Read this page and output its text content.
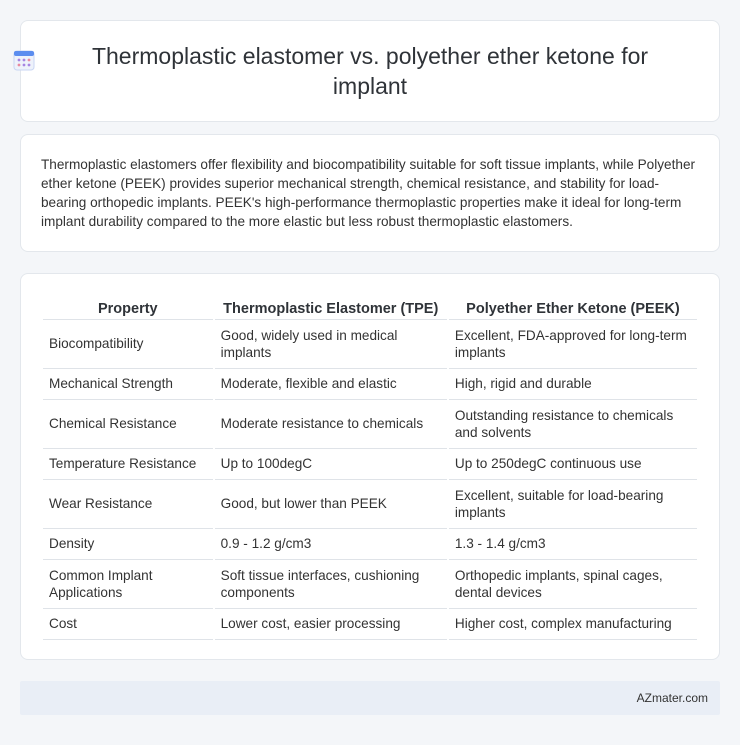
Thermoplastic elastomer vs. polyether ether ketone for implant

Thermoplastic elastomers offer flexibility and biocompatibility suitable for soft tissue implants, while Polyether ether ketone (PEEK) provides superior mechanical strength, chemical resistance, and stability for load-bearing orthopedic implants. PEEK's high-performance thermoplastic properties make it ideal for long-term implant durability compared to the more elastic but less robust thermoplastic elastomers.

Property	Thermoplastic Elastomer (TPE)	Polyether Ether Ketone (PEEK)
Biocompatibility	Good, widely used in medical implants	Excellent, FDA-approved for long-term implants
Mechanical Strength	Moderate, flexible and elastic	High, rigid and durable
Chemical Resistance	Moderate resistance to chemicals	Outstanding resistance to chemicals and solvents
Temperature Resistance	Up to 100degC	Up to 250degC continuous use
Wear Resistance	Good, but lower than PEEK	Excellent, suitable for load-bearing implants
Density	0.9 - 1.2 g/cm3	1.3 - 1.4 g/cm3
Common Implant Applications	Soft tissue interfaces, cushioning components	Orthopedic implants, spinal cages, dental devices
Cost	Lower cost, easier processing	Higher cost, complex manufacturing
AZmater.com
